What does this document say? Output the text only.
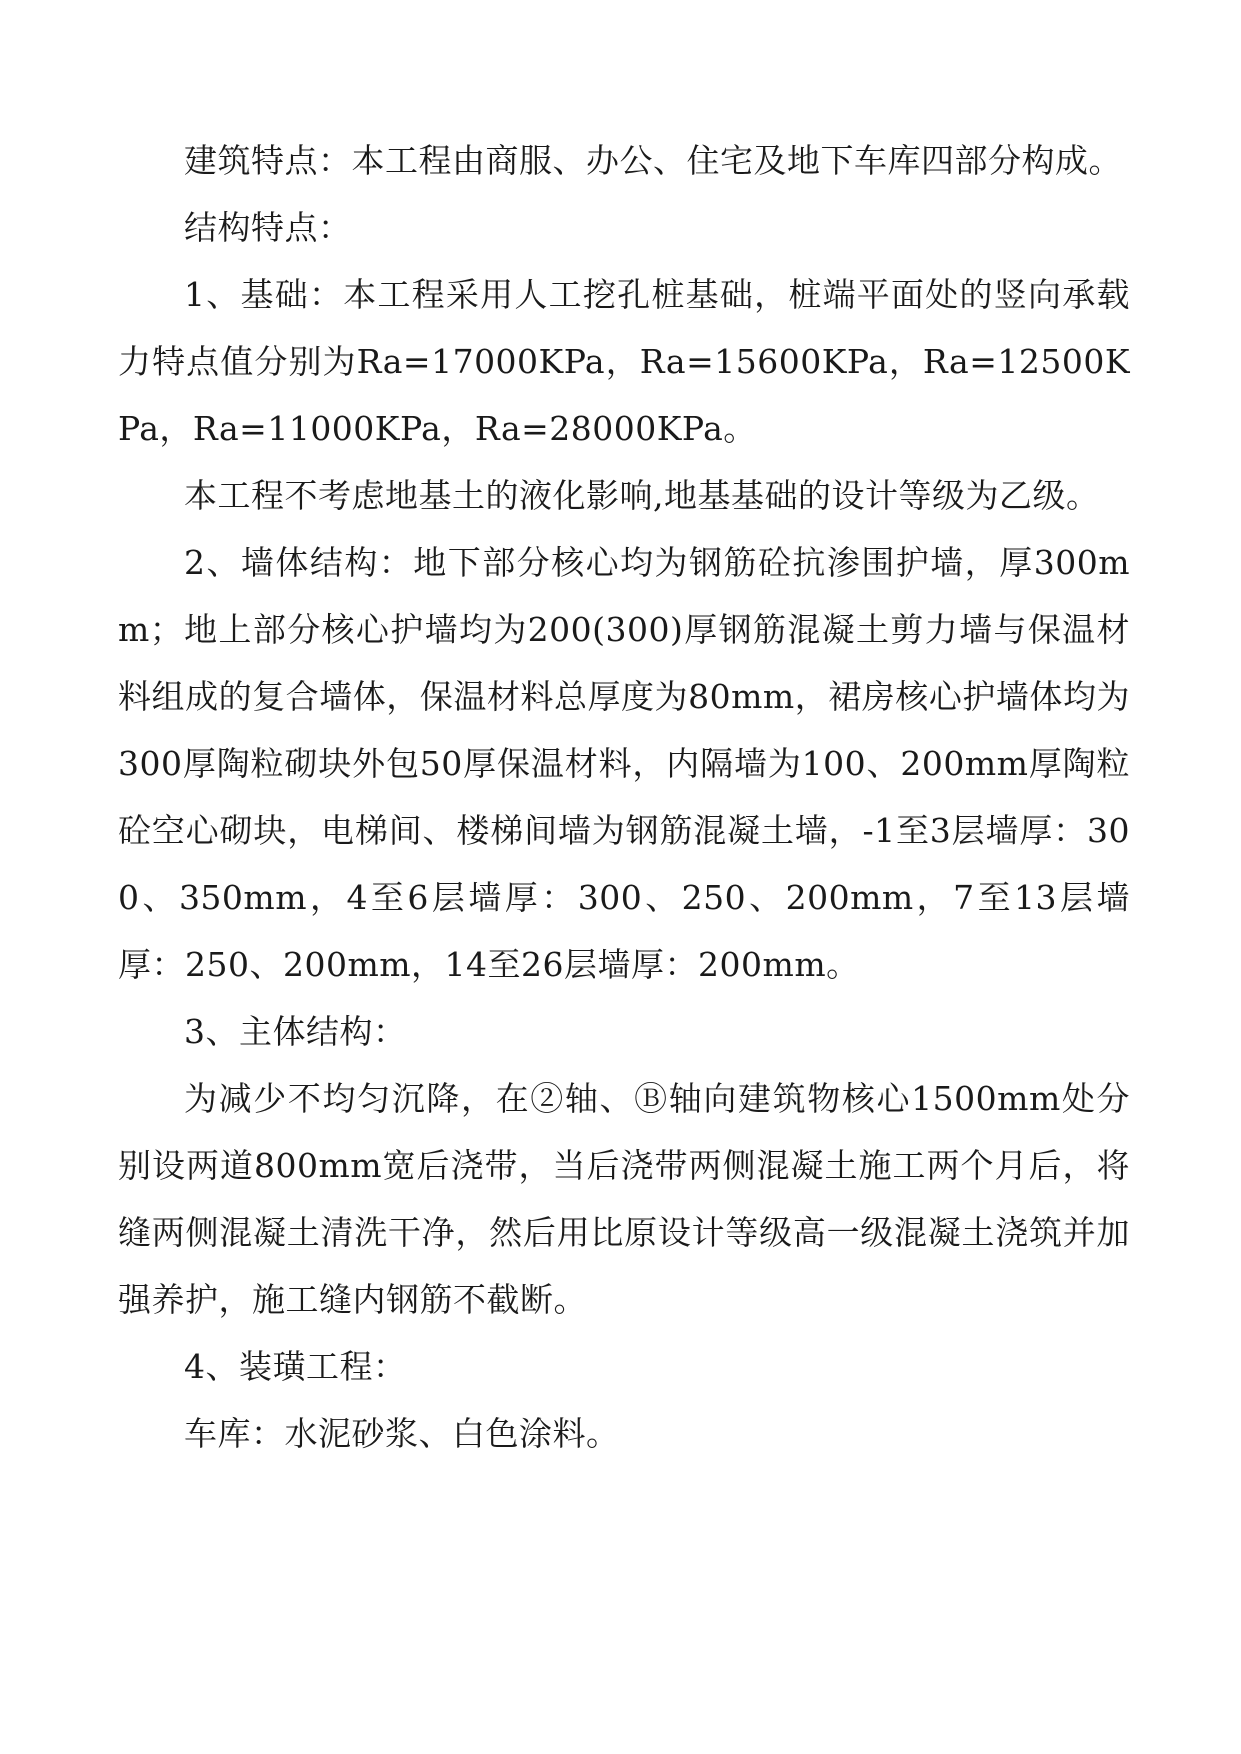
建筑特点：本工程由商服、办公、住宅及地下车库四部分构成。

结构特点：

1、基础：本工程采用人工挖孔桩基础，桩端平面处的竖向承载力特点值分别为Ra=17000KPa，Ra=15600KPa，Ra=12500KPa，Ra=11000KPa，Ra=28000KPa。

本工程不考虑地基土的液化影响,地基基础的设计等级为乙级。

2、墙体结构：地下部分核心均为钢筋砼抗渗围护墙，厚300mm；地上部分核心护墙均为200(300)厚钢筋混凝土剪力墙与保温材料组成的复合墙体，保温材料总厚度为80mm，裙房核心护墙体均为300厚陶粒砌块外包50厚保温材料，内隔墙为100、200mm厚陶粒砼空心砌块，电梯间、楼梯间墙为钢筋混凝土墙，-1至3层墙厚：300、350mm，4至6层墙厚：300、250、200mm，7至13层墙厚：250、200mm，14至26层墙厚：200mm。

3、主体结构：

为减少不均匀沉降，在②轴、Ⓑ轴向建筑物核心1500mm处分别设两道800mm宽后浇带，当后浇带两侧混凝土施工两个月后，将缝两侧混凝土清洗干净，然后用比原设计等级高一级混凝土浇筑并加强养护，施工缝内钢筋不截断。

4、装璜工程：

车库：水泥砂浆、白色涂料。
